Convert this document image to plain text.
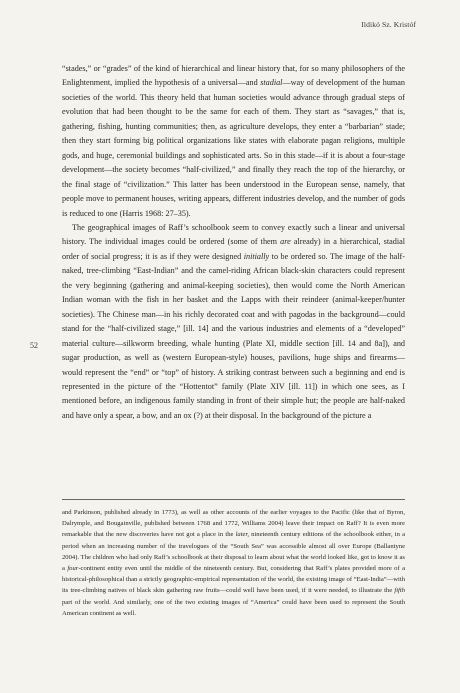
Ildikó Sz. Kristóf
52

“stades,” or “grades” of the kind of hierarchical and linear history that, for so many philosophers of the Enlightenment, implied the hypothesis of a universal—and stadial—way of development of the human societies of the world. This theory held that human societies would advance through gradual steps of evolution that had been thought to be the same for each of them. They start as “savages,” that is, gathering, fishing, hunting communities; then, as agriculture develops, they enter a “barbarian” stade; then they start forming big political organizations like states with elaborate pagan religions, multiple gods, and huge, ceremonial buildings and sophisticated arts. So in this stade—if it is about a four-stage development—the society becomes “half-civilized,” and finally they reach the top of the hierarchy, or the final stage of “civilization.” This latter has been understood in the European sense, namely, that people move to permanent houses, writing appears, different industries develop, and the number of gods is reduced to one (Harris 1968: 27–35).

The geographical images of Raff’s schoolbook seem to convey exactly such a linear and universal history. The individual images could be ordered (some of them are already) in a hierarchical, stadial order of social progress; it is as if they were designed initially to be ordered so. The image of the half-naked, tree-climbing “East-Indian” and the camel-riding African black-skin characters could represent the very beginning (gathering and animal-keeping societies), then would come the North American Indian woman with the fish in her basket and the Lapps with their reindeer (animal-keeper/hunter societies). The Chinese man—in his richly decorated coat and with pagodas in the background—could stand for the “half-civilized stage,” [ill. 14] and the various industries and elements of a “developed” material culture—silkworm breeding, whale hunting (Plate XI, middle section [ill. 14 and 8a]), and sugar production, as well as (western European-style) houses, pavilions, huge ships and firearms—would represent the “end” or “top” of history. A striking contrast between such a beginning and end is represented in the picture of the “Hottentot” family (Plate XIV [ill. 11]) in which one sees, as I mentioned before, an indigenous family standing in front of their simple hut; the people are half-naked and have only a spear, a bow, and an ox (?) at their disposal. In the background of the picture a

and Parkinson, published already in 1773), as well as other accounts of the earlier voyages to the Pacific (like that of Byron, Dalrymple, and Bougainville, published between 1768 and 1772, Williams 2004) leave their impact on Raff? It is even more remarkable that the new discoveries have not got a place in the later, nineteenth century editions of the schoolbook either, in a period when an increasing number of the travelogues of the “South Sea” was accessible almost all over Europe (Ballantyne 2004). The children who had only Raff’s schoolbook at their disposal to learn about what the world looked like, got to know it as a four-continent entity even until the middle of the nineteenth century. But, considering that Raff’s plates provided more of a historical-philosophical than a strictly geographic-empirical representation of the world, the existing image of “East-India”—with its tree-climbing natives of black skin gathering raw fruits—could well have been used, if it were needed, to illustrate the fifth part of the world. And similarly, one of the two existing images of “America” could have been used to represent the South American continent as well.
